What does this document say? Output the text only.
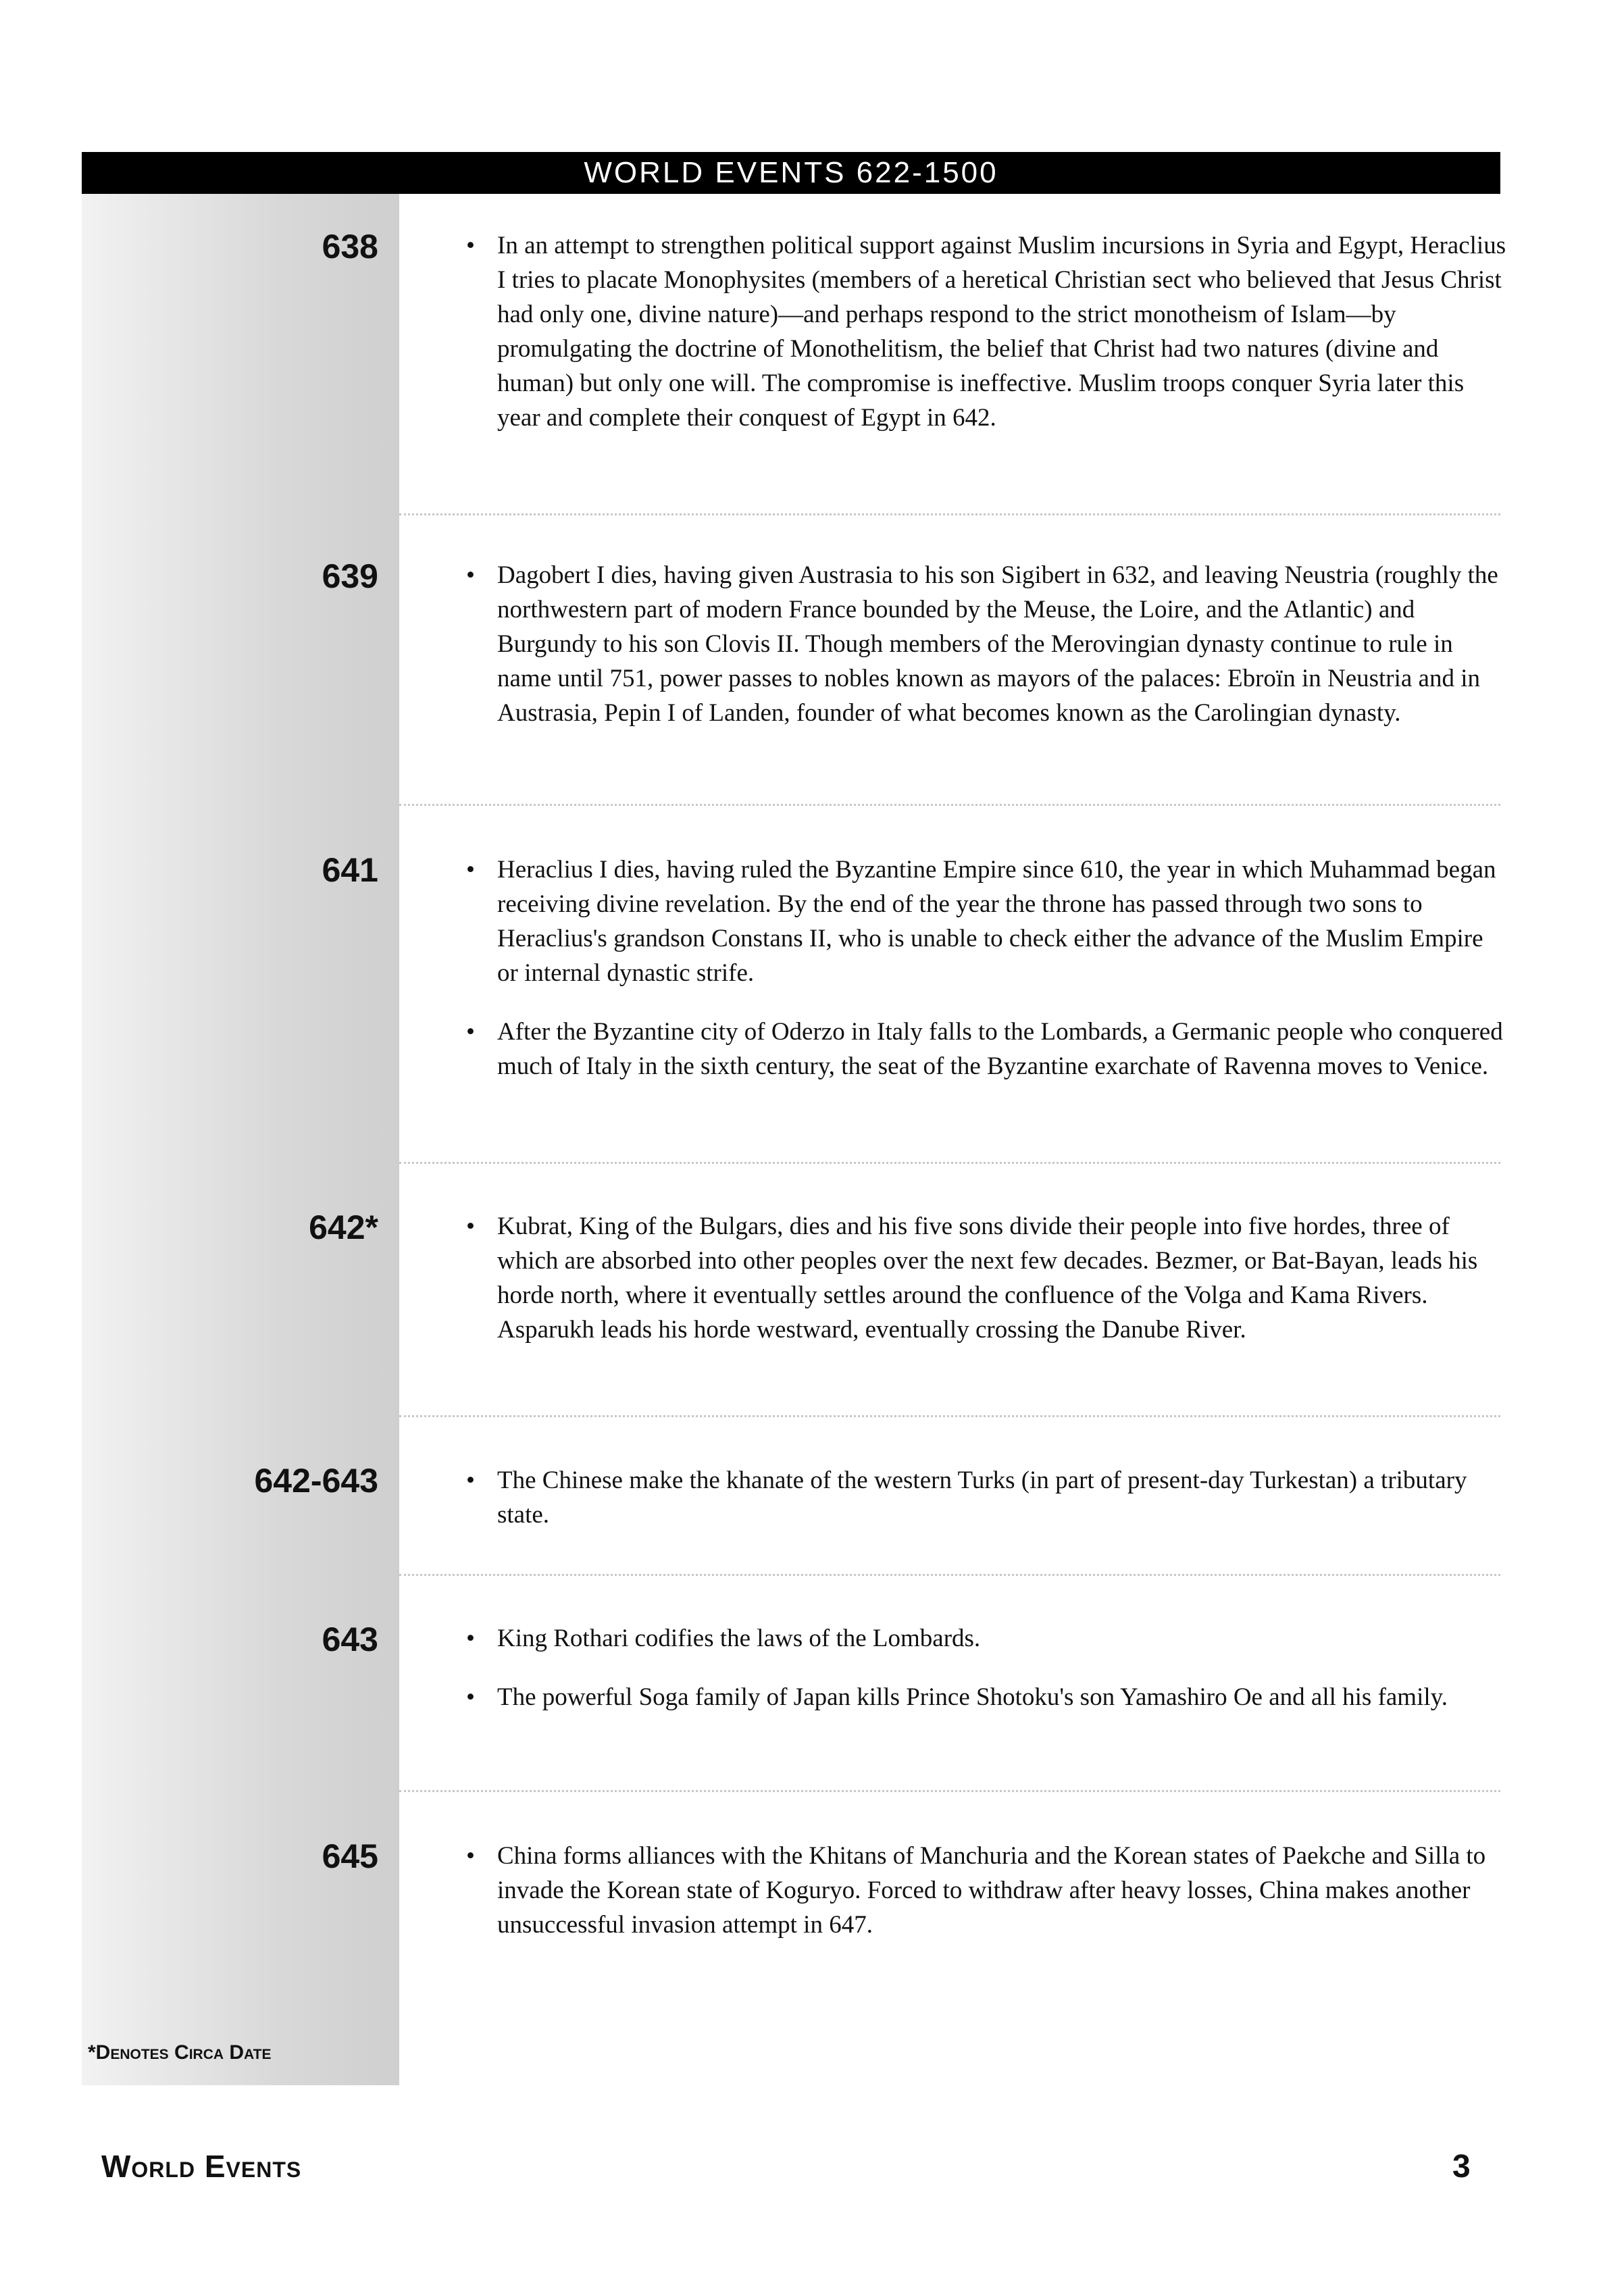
WORLD EVENTS 622-1500
638	• In an attempt to strengthen political support against Muslim incursions in Syria and Egypt, Heraclius I tries to placate Monophysites (members of a heretical Christian sect who believed that Jesus Christ had only one, divine nature)—and perhaps respond to the strict monotheism of Islam—by promulgating the doctrine of Monothelitism, the belief that Christ had two natures (divine and human) but only one will. The compromise is ineffective. Muslim troops conquer Syria later this year and complete their conquest of Egypt in 642.

639	• Dagobert I dies, having given Austrasia to his son Sigibert in 632, and leaving Neustria (roughly the northwestern part of modern France bounded by the Meuse, the Loire, and the Atlantic) and Burgundy to his son Clovis II. Though members of the Merovingian dynasty continue to rule in name until 751, power passes to nobles known as mayors of the palaces: Ebroïn in Neustria and in Austrasia, Pepin I of Landen, founder of what becomes known as the Carolingian dynasty.

641	• Heraclius I dies, having ruled the Byzantine Empire since 610, the year in which Muhammad began receiving divine revelation. By the end of the year the throne has passed through two sons to Heraclius's grandson Constans II, who is unable to check either the advance of the Muslim Empire or internal dynastic strife.

• After the Byzantine city of Oderzo in Italy falls to the Lombards, a Germanic people who conquered much of Italy in the sixth century, the seat of the Byzantine exarchate of Ravenna moves to Venice.

642*	• Kubrat, King of the Bulgars, dies and his five sons divide their people into five hordes, three of which are absorbed into other peoples over the next few decades. Bezmer, or Bat-Bayan, leads his horde north, where it eventually settles around the confluence of the Volga and Kama Rivers. Asparukh leads his horde westward, eventually crossing the Danube River.

642-643	• The Chinese make the khanate of the western Turks (in part of present-day Turkestan) a tributary state.

643	• King Rothari codifies the laws of the Lombards.

• The powerful Soga family of Japan kills Prince Shotoku's son Yamashiro Oe and all his family.

645	• China forms alliances with the Khitans of Manchuria and the Korean states of Paekche and Silla to invade the Korean state of Koguryo. Forced to withdraw after heavy losses, China makes another unsuccessful invasion attempt in 647.

*Denotes Circa Date
World Events	3
